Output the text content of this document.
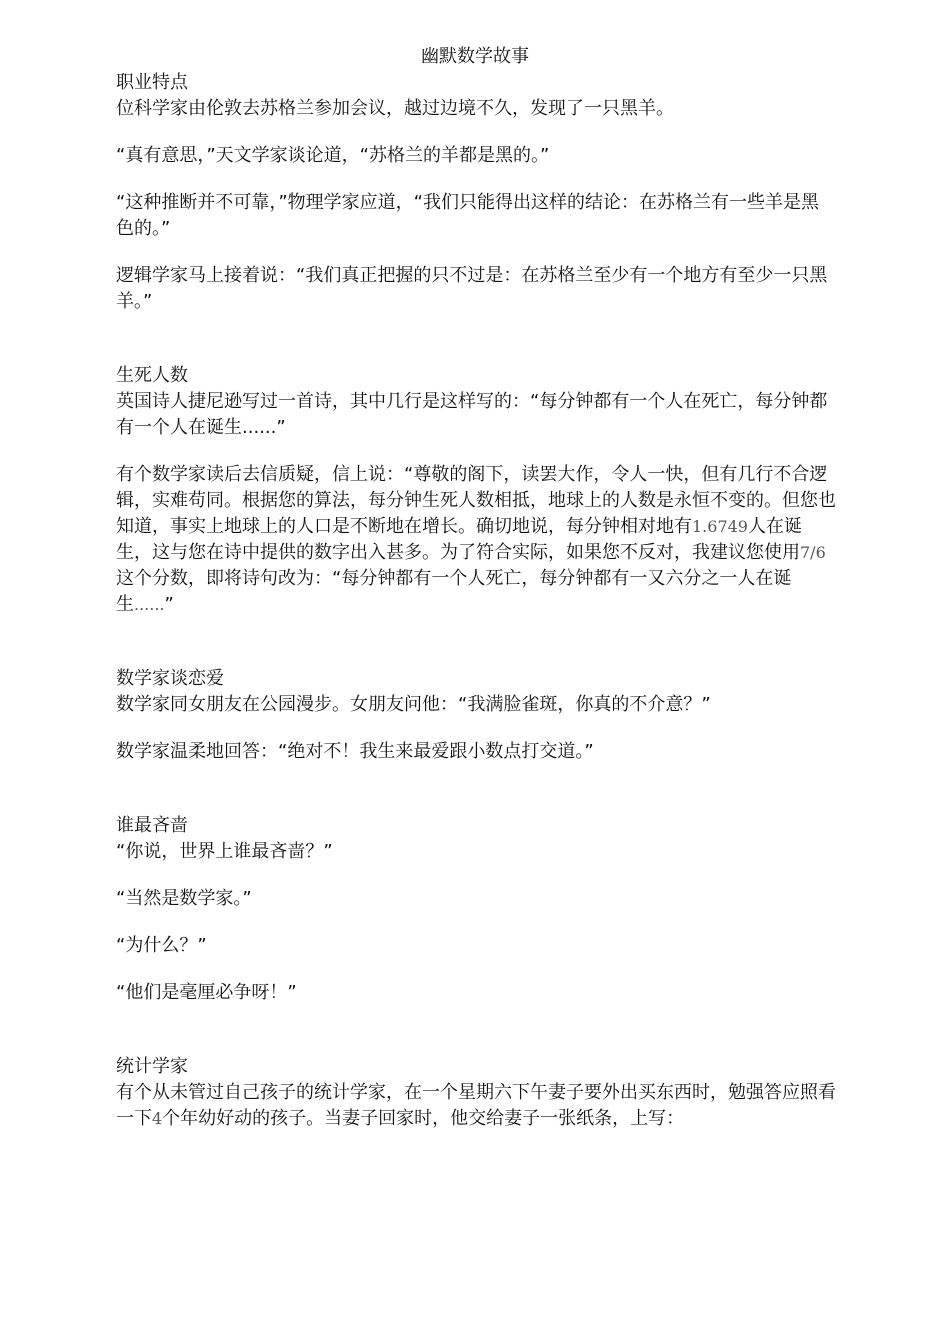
幽默数学故事

职业特点

位科学家由伦敦去苏格兰参加会议，越过边境不久，发现了一只黑羊。

“真有意思，”天文学家谈论道，“苏格兰的羊都是黑的。”

“这种推断并不可靠，”物理学家应道，“我们只能得出这样的结论：在苏格兰有一些羊是黑色的。”

逻辑学家马上接着说：“我们真正把握的只不过是：在苏格兰至少有一个地方有至少一只黑羊。”

生死人数

英国诗人捷尼逊写过一首诗，其中几行是这样写的：“每分钟都有一个人在死亡，每分钟都有一个人在诞生......”

有个数学家读后去信质疑，信上说：“尊敬的阁下，读罢大作，令人一快，但有几行不合逻辑，实难苟同。根据您的算法，每分钟生死人数相抵，地球上的人数是永恒不变的。但您也知道，事实上地球上的人口是不断地在增长。确切地说，每分钟相对地有1.6749人在诞生，这与您在诗中提供的数字出入甚多。为了符合实际，如果您不反对，我建议您使用7/6这个分数，即将诗句改为：“每分钟都有一个人死亡，每分钟都有一又六分之一人在诞生......”

数学家谈恋爱

数学家同女朋友在公园漫步。女朋友问他：“我满脸雀斑，你真的不介意？”

数学家温柔地回答：“绝对不！我生来最爱跟小数点打交道。”

谁最吝啬

“你说，世界上谁最吝啬？”

“当然是数学家。”

“为什么？”

“他们是毫厘必争呀！”

统计学家

有个从未管过自己孩子的统计学家，在一个星期六下午妻子要外出买东西时，勉强答应照看一下4个年幼好动的孩子。当妻子回家时，他交给妻子一张纸条，上写：
